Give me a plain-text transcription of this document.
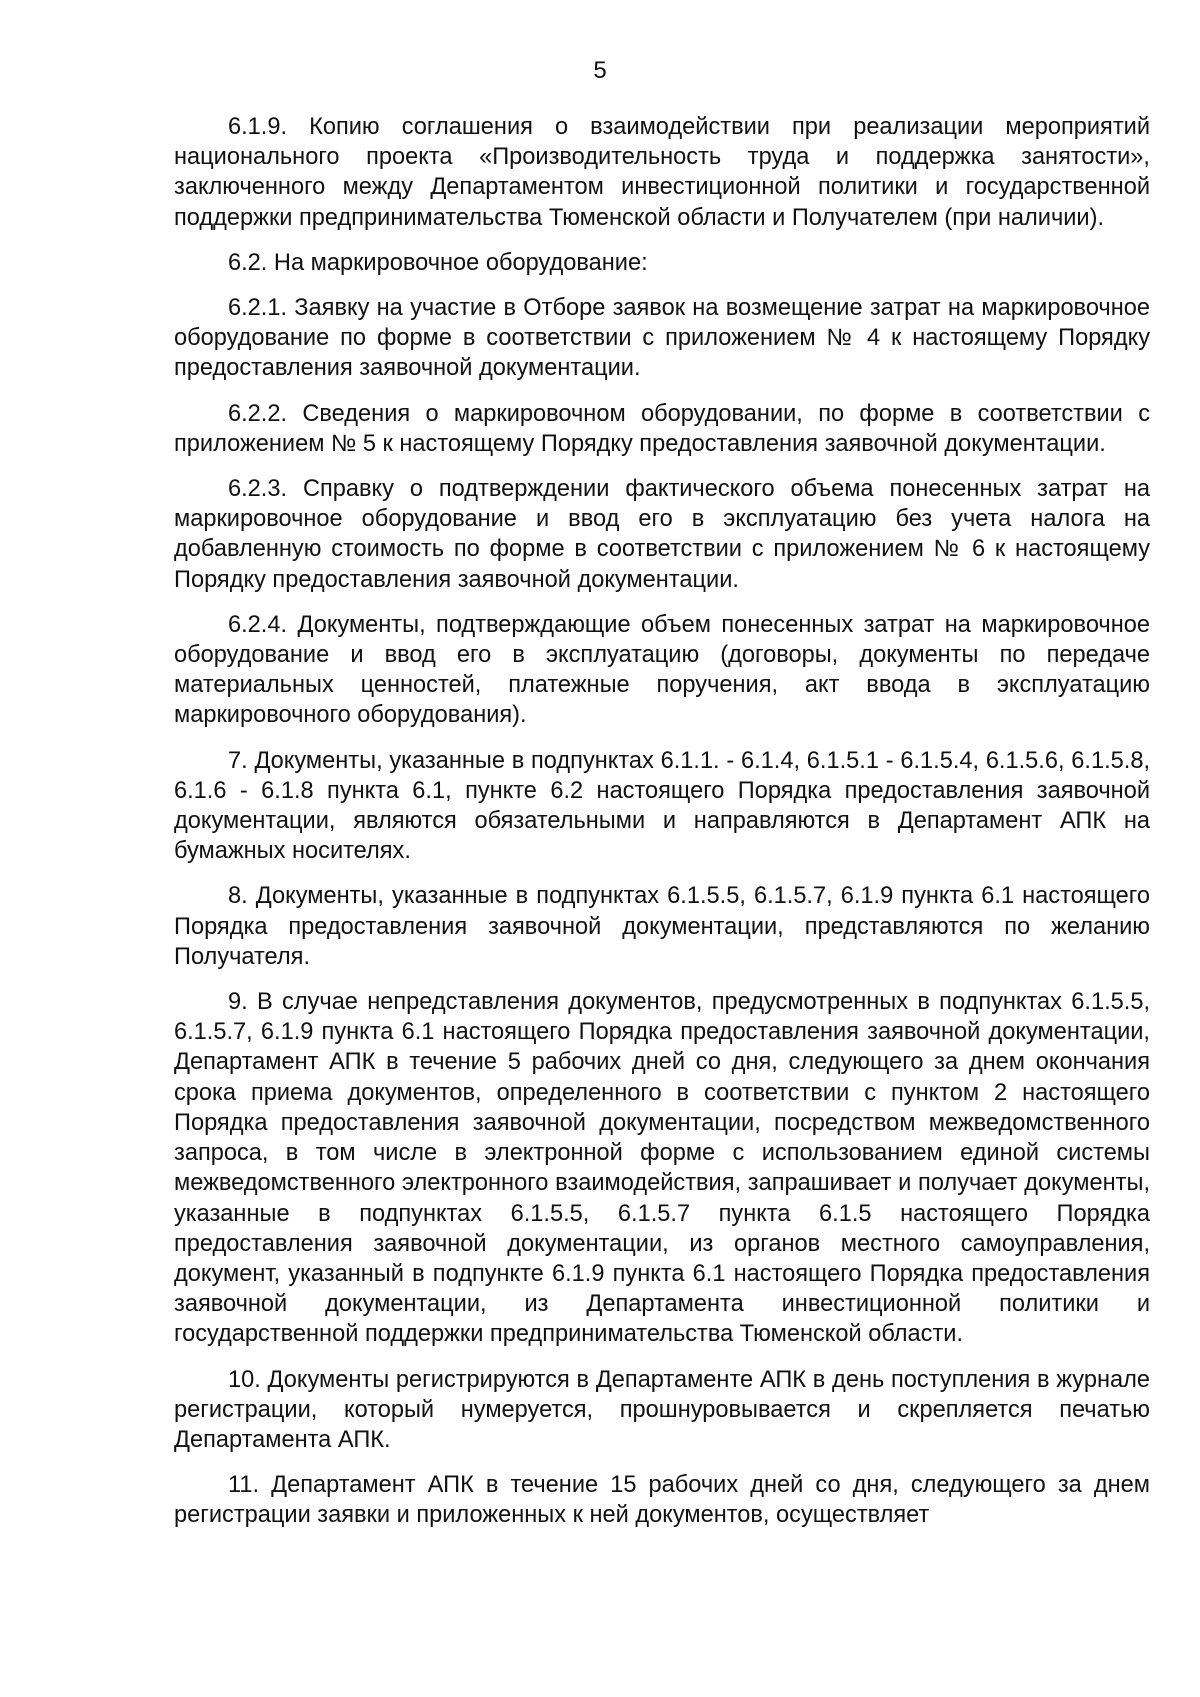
5

6.1.9. Копию соглашения о взаимодействии при реализации мероприятий национального проекта «Производительность труда и поддержка занятости», заключенного между Департаментом инвестиционной политики и государственной поддержки предпринимательства Тюменской области и Получателем (при наличии).

6.2. На маркировочное оборудование:

6.2.1. Заявку на участие в Отборе заявок на возмещение затрат на маркировочное оборудование по форме в соответствии с приложением № 4 к настоящему Порядку предоставления заявочной документации.

6.2.2. Сведения о маркировочном оборудовании, по форме в соответствии с приложением № 5 к настоящему Порядку предоставления заявочной документации.

6.2.3. Справку о подтверждении фактического объема понесенных затрат на маркировочное оборудование и ввод его в эксплуатацию без учета налога на добавленную стоимость по форме в соответствии с приложением № 6 к настоящему Порядку предоставления заявочной документации.

6.2.4. Документы, подтверждающие объем понесенных затрат на маркировочное оборудование и ввод его в эксплуатацию (договоры, документы по передаче материальных ценностей, платежные поручения, акт ввода в эксплуатацию маркировочного оборудования).

7. Документы, указанные в подпунктах 6.1.1. - 6.1.4, 6.1.5.1 - 6.1.5.4, 6.1.5.6, 6.1.5.8, 6.1.6 - 6.1.8 пункта 6.1, пункте 6.2 настоящего Порядка предоставления заявочной документации, являются обязательными и направляются в Департамент АПК на бумажных носителях.

8. Документы, указанные в подпунктах 6.1.5.5, 6.1.5.7, 6.1.9 пункта 6.1 настоящего Порядка предоставления заявочной документации, представляются по желанию Получателя.

9. В случае непредставления документов, предусмотренных в подпунктах 6.1.5.5, 6.1.5.7, 6.1.9 пункта 6.1 настоящего Порядка предоставления заявочной документации, Департамент АПК в течение 5 рабочих дней со дня, следующего за днем окончания срока приема документов, определенного в соответствии с пунктом 2 настоящего Порядка предоставления заявочной документации, посредством межведомственного запроса, в том числе в электронной форме с использованием единой системы межведомственного электронного взаимодействия, запрашивает и получает документы, указанные в подпунктах 6.1.5.5, 6.1.5.7 пункта 6.1.5 настоящего Порядка предоставления заявочной документации, из органов местного самоуправления, документ, указанный в подпункте 6.1.9 пункта 6.1 настоящего Порядка предоставления заявочной документации, из Департамента инвестиционной политики и государственной поддержки предпринимательства Тюменской области.

10. Документы регистрируются в Департаменте АПК в день поступления в журнале регистрации, который нумеруется, прошнуровывается и скрепляется печатью Департамента АПК.

11. Департамент АПК в течение 15 рабочих дней со дня, следующего за днем регистрации заявки и приложенных к ней документов, осуществляет
